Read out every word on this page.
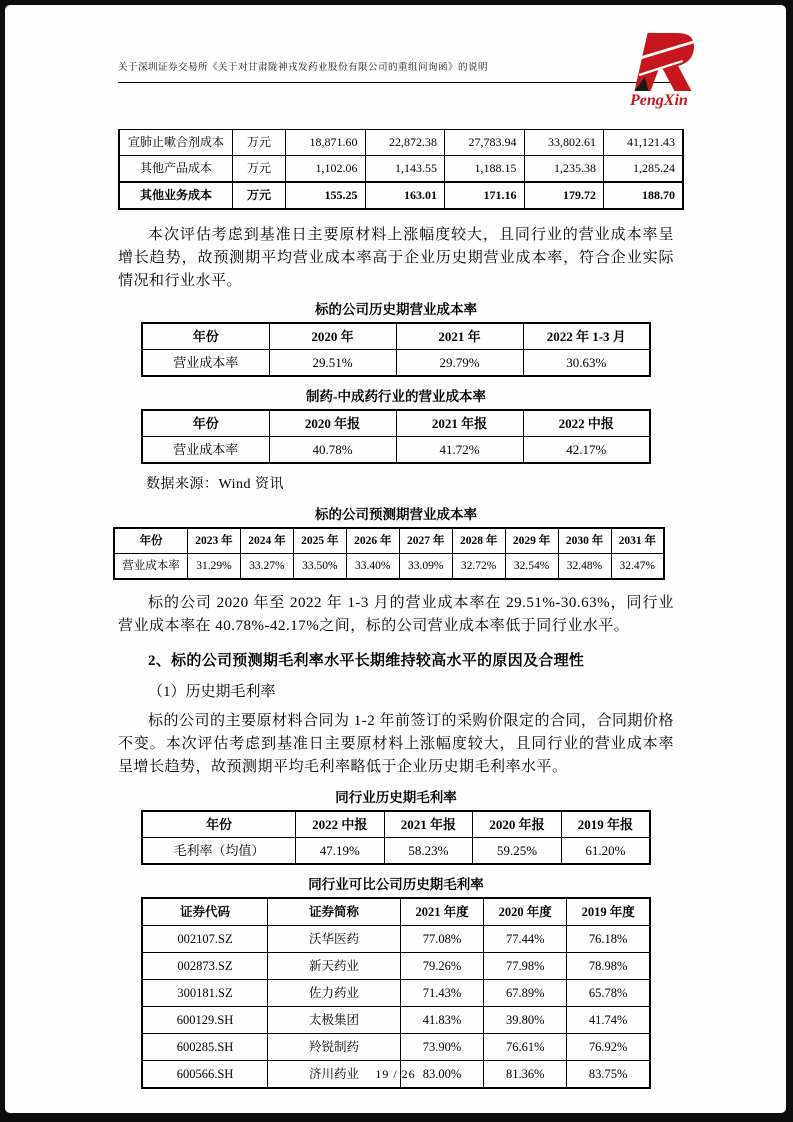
PengXin
关于深圳证券交易所《关于对甘肃陇神戎发药业股份有限公司的重组问询函》的说明
宣肺止嗽合剂成本	万元	18,871.60	22,872.38	27,783.94	33,802.61	41,121.43
其他产品成本	万元	1,102.06	1,143.55	1,188.15	1,235.38	1,285.24
其他业务成本	万元	155.25	163.01	171.16	179.72	188.70

本次评估考虑到基准日主要原材料上涨幅度较大，且同行业的营业成本率呈增长趋势，故预测期平均营业成本率高于企业历史期营业成本率，符合企业实际情况和行业水平。

标的公司历史期营业成本率
年份	2020 年	2021 年	2022 年 1-3 月
营业成本率	29.51%	29.79%	30.63%
制药-中成药行业的营业成本率
年份	2020 年报	2021 年报	2022 中报
营业成本率	40.78%	41.72%	42.17%
数据来源：Wind 资讯
标的公司预测期营业成本率
年份	2023 年	2024 年	2025 年	2026 年	2027 年	2028 年	2029 年	2030 年	2031 年
营业成本率	31.29%	33.27%	33.50%	33.40%	33.09%	32.72%	32.54%	32.48%	32.47%

标的公司 2020 年至 2022 年 1-3 月的营业成本率在 29.51%-30.63%，同行业营业成本率在 40.78%-42.17%之间，标的公司营业成本率低于同行业水平。

2、标的公司预测期毛利率水平长期维持较高水平的原因及合理性
（1）历史期毛利率

标的公司的主要原材料合同为 1-2 年前签订的采购价限定的合同，合同期价格不变。本次评估考虑到基准日主要原材料上涨幅度较大，且同行业的营业成本率呈增长趋势，故预测期平均毛利率略低于企业历史期毛利率水平。

同行业历史期毛利率
年份	2022 中报	2021 年报	2020 年报	2019 年报
毛利率（均值）	47.19%	58.23%	59.25%	61.20%
同行业可比公司历史期毛利率
证券代码	证券简称	2021 年度	2020 年度	2019 年度
002107.SZ	沃华医药	77.08%	77.44%	76.18%
002873.SZ	新天药业	79.26%	77.98%	78.98%
300181.SZ	佐力药业	71.43%	67.89%	65.78%
600129.SH	太极集团	41.83%	39.80%	41.74%
600285.SH	羚锐制药	73.90%	76.61%	76.92%
600566.SH	济川药业	83.00%	81.36%	83.75%
19 / 26
